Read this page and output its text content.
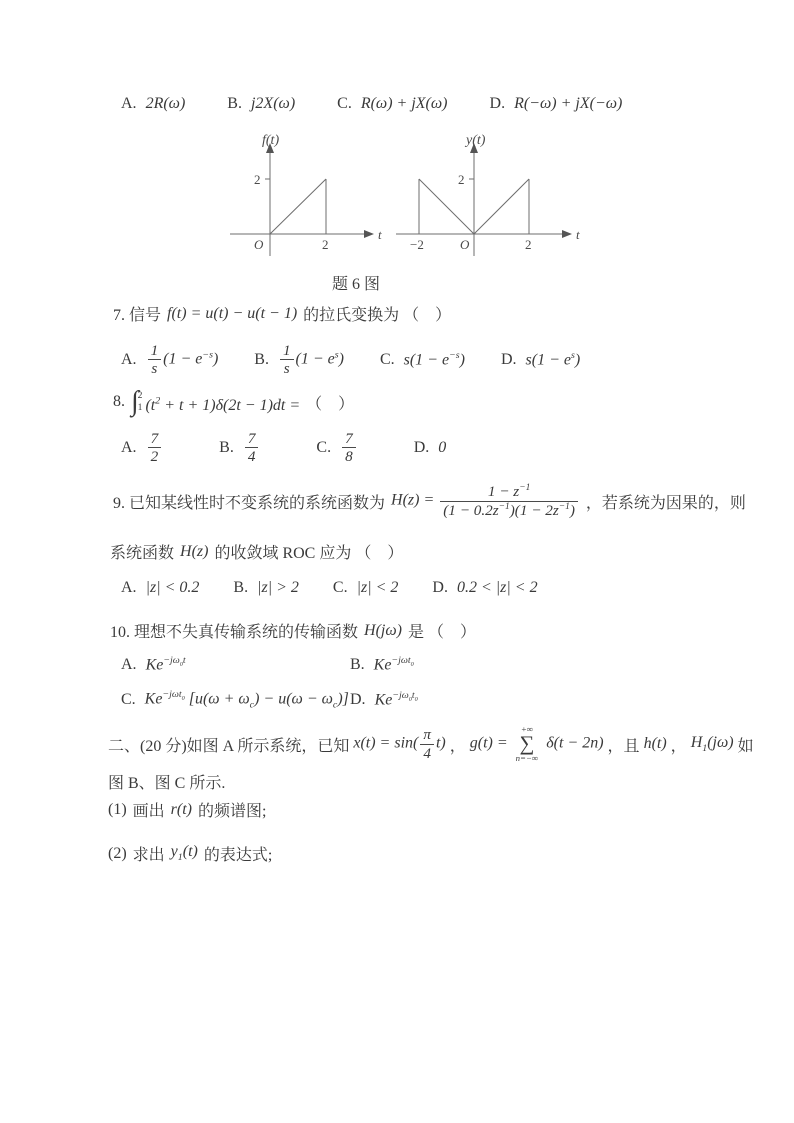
A. 2R(ω)	B. j2X(ω)	C. R(ω) + jX(ω)	D. R(−ω) + jX(−ω)
f(t)
2
O	2
t
y(t)
2
−2	O	2
t
题 6 图
7. 信号 f(t) = u(t) − u(t − 1) 的拉氏变换为 （　）
A. $\frac{1}{s} (1 - e^{-s})$ B. $\frac{1}{s} (1 - e^s)$ C. $s(1 - e^{-s})$ D. $s(1 - e^s)$
8. ∫ 2
1 $(t^2 + t + 1)\delta(2t - 1)dt$ = （　）
A. $\frac{7}{2}$	B. $\frac{7}{4}$	C. $\frac{7}{8}$	D. 0
9. 已知某线性时不变系统的系统函数为 $H(z) = \frac{1 - z^{-1}}{(1 - 0.2z^{-1})(1 - 2z^{-1})}$ ，若系统为因果的，则
系统函数 H(z) 的收敛域 ROC 应为 （　）
A. |z| < 0.2 B. |z| > 2 C. |z| < 2 D. 0.2 < |z| < 2
10. 理想不失真传输系统的传输函数 H(jω) 是 （　）
A. $Ke^{-j\omega_0t}$	B. $Ke^{-j\omega t_0}$
C. $Ke^{-j\omega t_0}$ $[u(\omega + \omega_c) - u(\omega - \omega_c)]$ D. $Ke^{-j\omega_0t_0}$
二、(20 分)如图 A 所示系统，已知 $x(t) = \sin( \frac{\pi}{4} t)$ ， g(t) =
+∞
∑
n=−∞
δ(t − 2n) ，且 h(t) ， $H_1(j\omega)$ 如
图 B、图 C 所示.
(1) 画出 r(t) 的频谱图;
(2) 求出 $y_1(t)$ 的表达式;
